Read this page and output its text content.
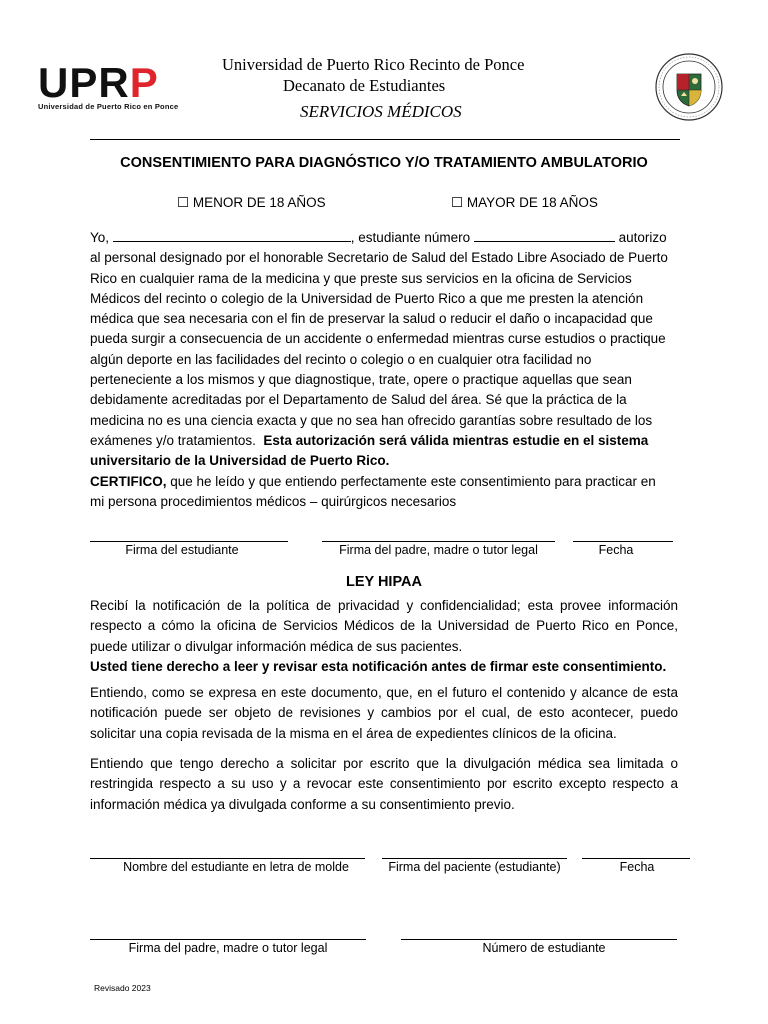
UPRP
Universidad de Puerto Rico en Ponce
Universidad de Puerto Rico Recinto de Ponce
Decanato de Estudiantes
SERVICIOS MÉDICOS
CONSENTIMIENTO PARA DIAGNÓSTICO Y/O TRATAMIENTO AMBULATORIO
☐ MENOR DE 18 AÑOS	☐ MAYOR DE 18 AÑOS
Yo,	, estudiante número	autorizo
al personal designado por el honorable Secretario de Salud del Estado Libre Asociado de Puerto
Rico en cualquier rama de la medicina y que preste sus servicios en la oficina de Servicios
Médicos del recinto o colegio de la Universidad de Puerto Rico a que me presten la atención
médica que sea necesaria con el fin de preservar la salud o reducir el daño o incapacidad que
pueda surgir a consecuencia de un accidente o enfermedad mientras curse estudios o practique
algún deporte en las facilidades del recinto o colegio o en cualquier otra facilidad no
perteneciente a los mismos y que diagnostique, trate, opere o practique aquellas que sean
debidamente acreditadas por el Departamento de Salud del área. Sé que la práctica de la
medicina no es una ciencia exacta y que no sea han ofrecido garantías sobre resultado de los
exámenes y/o tratamientos. Esta autorización será válida mientras estudie en el sistema
universitario de la Universidad de Puerto Rico.
CERTIFICO, que he leído y que entiendo perfectamente este consentimiento para practicar en
mi persona procedimientos médicos – quirúrgicos necesarios
Firma del estudiante	Firma del padre, madre o tutor legal	Fecha
LEY HIPAA
Recibí la notificación de la política de privacidad y confidencialidad; esta provee información respecto a cómo la oficina de Servicios Médicos de la Universidad de Puerto Rico en Ponce, puede utilizar o divulgar información médica de sus pacientes.
Usted tiene derecho a leer y revisar esta notificación antes de firmar este consentimiento.
Entiendo, como se expresa en este documento, que, en el futuro el contenido y alcance de esta notificación puede ser objeto de revisiones y cambios por el cual, de esto acontecer, puedo solicitar una copia revisada de la misma en el área de expedientes clínicos de la oficina.
Entiendo que tengo derecho a solicitar por escrito que la divulgación médica sea limitada o restringida respecto a su uso y a revocar este consentimiento por escrito excepto respecto a información médica ya divulgada conforme a su consentimiento previo.
Nombre del estudiante en letra de molde	Firma del paciente (estudiante)	Fecha
Firma del padre, madre o tutor legal	Número de estudiante
Revisado 2023
